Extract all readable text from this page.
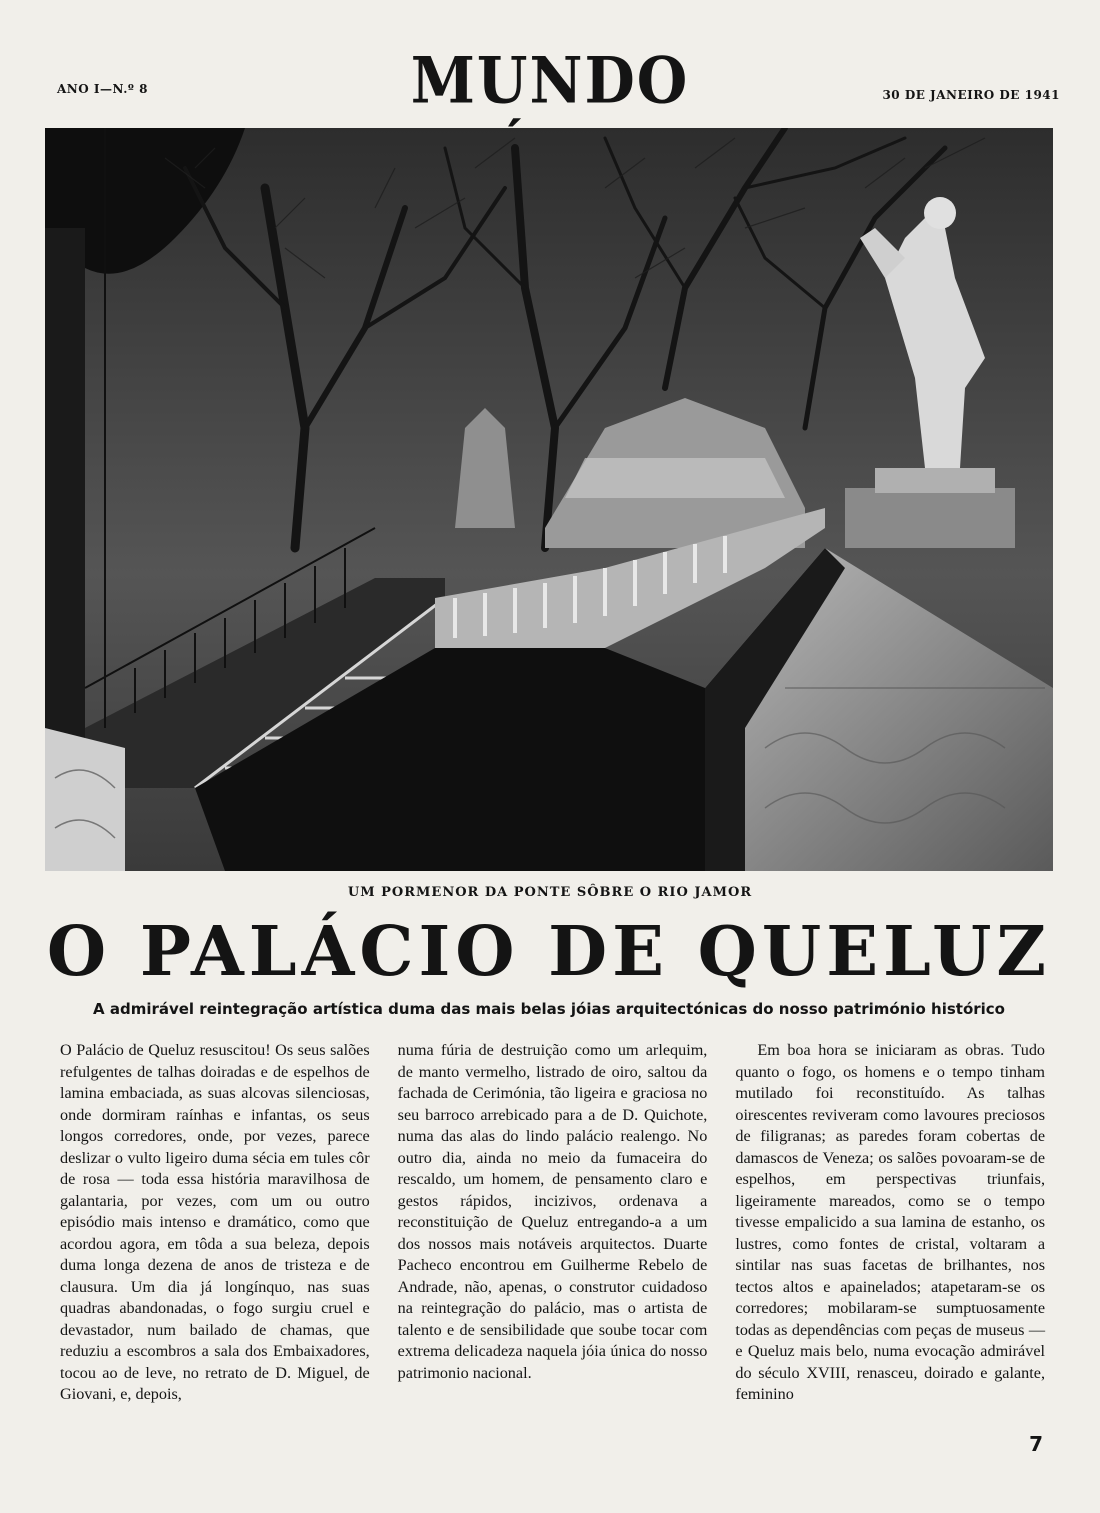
ANO I—N.º 8	MUNDO	30 DE JANEIRO DE 1941
UM PORMENOR DA PONTE SÔBRE O RIO JAMOR
O PALÁCIO DE QUELUZ
A admirável reintegração artística duma das mais belas jóias arquitectónicas do nosso património histórico

O Palácio de Queluz resuscitou! Os seus salões refulgentes de talhas doiradas e de espelhos de lamina embaciada, as suas alcovas silenciosas, onde dormiram raínhas e infantas, os seus longos corredores, onde, por vezes, parece deslizar o vulto ligeiro duma sécia em tules côr de rosa — toda essa história maravilhosa de galantaria, por vezes, com um ou outro episódio mais intenso e dramático, como que acordou agora, em tôda a sua beleza, depois duma longa dezena de anos de tristeza e de clausura. Um dia já longínquo, nas suas quadras abandonadas, o fogo surgiu cruel e devastador, num bailado de chamas, que reduziu a escombros a sala dos Embaixadores, tocou ao de leve, no retrato de D. Miguel, de Giovani, e, depois,

numa fúria de destruição como um arlequim, de manto vermelho, listrado de oiro, saltou da fachada de Cerimónia, tão ligeira e graciosa no seu barroco arrebicado para a de D. Quichote, numa das alas do lindo palácio realengo. No outro dia, ainda no meio da fumaceira do rescaldo, um homem, de pensamento claro e gestos rápidos, incizivos, ordenava a reconstituição de Queluz entregando-a a um dos nossos mais notáveis arquitectos. Duarte Pacheco encontrou em Guilherme Rebelo de Andrade, não, apenas, o construtor cuidadoso na reintegração do palácio, mas o artista de talento e de sensibilidade que soube tocar com extrema delicadeza naquela jóia única do nosso patrimonio nacional.

Em boa hora se iniciaram as obras. Tudo quanto o fogo, os homens e o tempo tinham mutilado foi reconstituído. As talhas oirescentes reviveram como lavoures preciosos de filigranas; as paredes foram cobertas de damascos de Veneza; os salões povoaram-se de espelhos, em perspectivas triunfais, ligeiramente mareados, como se o tempo tivesse empalicido a sua lamina de estanho, os lustres, como fontes de cristal, voltaram a sintilar nas suas facetas de brilhantes, nos tectos altos e apainelados; atapetaram-se os corredores; mobilaram-se sumptuosamente todas as dependências com peças de museus — e Queluz mais belo, numa evocação admirável do século XVIII, renasceu, doirado e galante, feminino

7
